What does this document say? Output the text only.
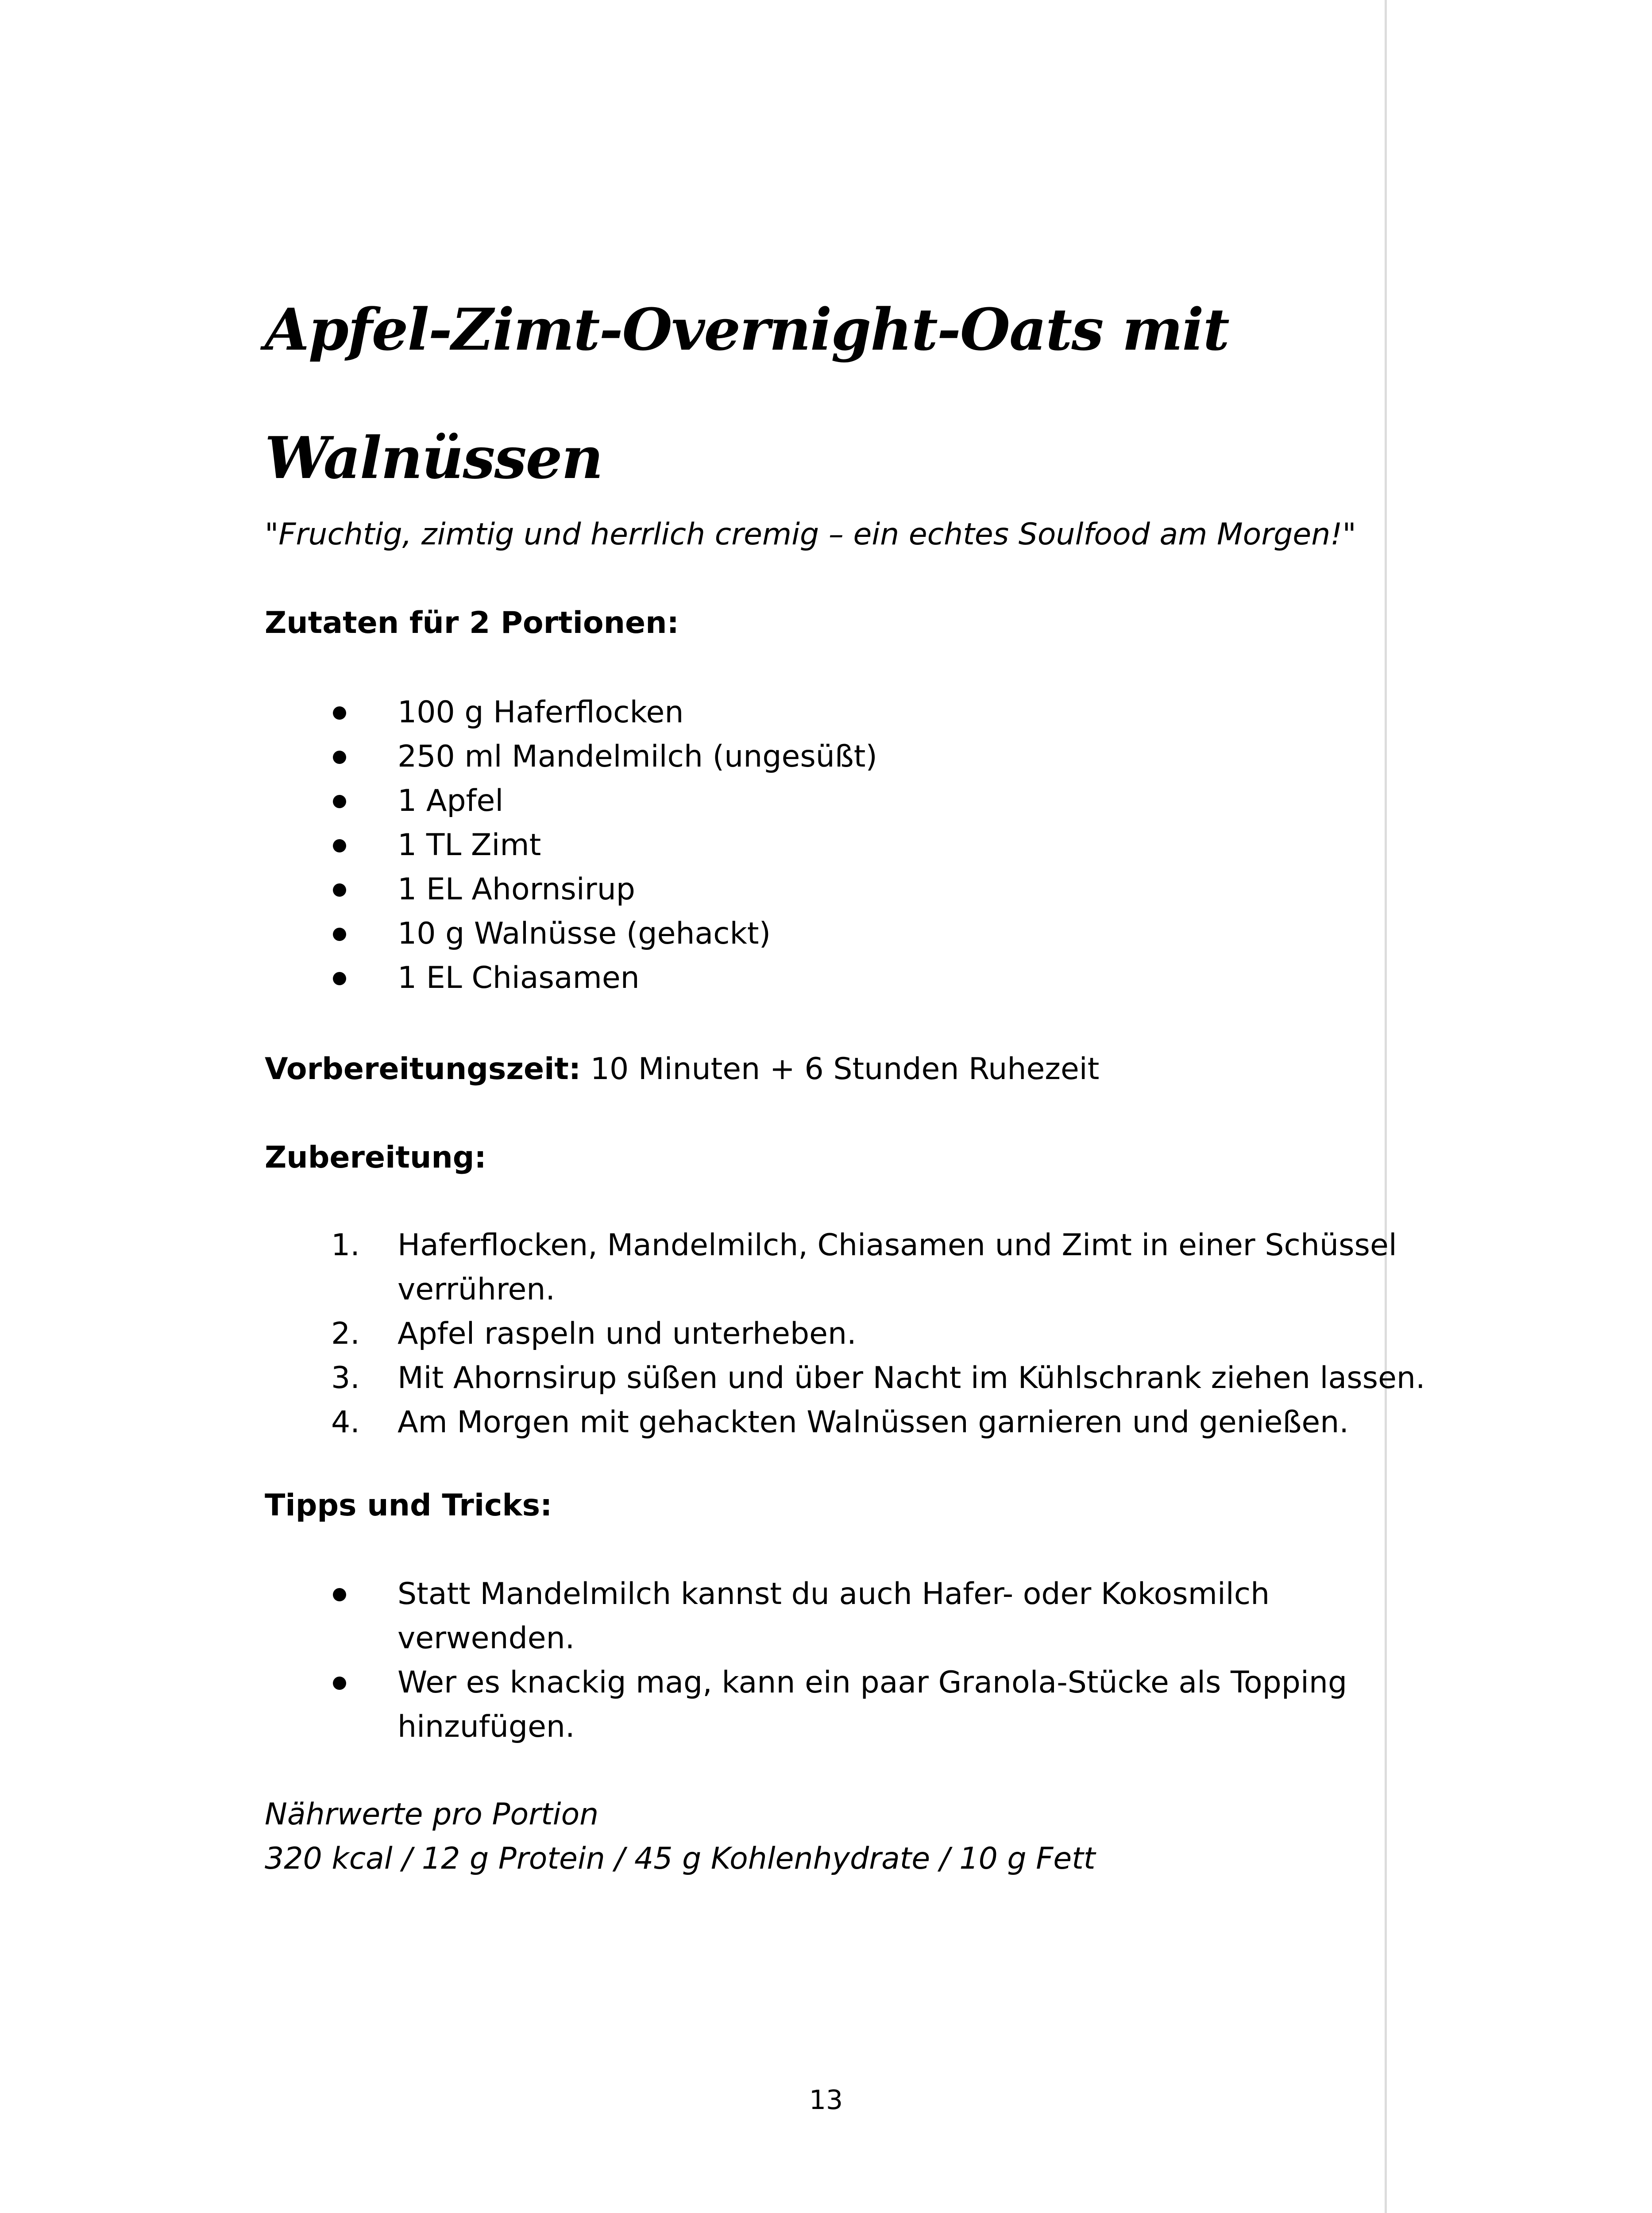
Apfel-Zimt-Overnight-Oats mit Walnüssen
"Fruchtig, zimtig und herrlich cremig – ein echtes Soulfood am Morgen!"
Zutaten für 2 Portionen:
100 g Haferflocken
250 ml Mandelmilch (ungesüßt)
1 Apfel
1 TL Zimt
1 EL Ahornsirup
10 g Walnüsse (gehackt)
1 EL Chiasamen
Vorbereitungszeit: 10 Minuten + 6 Stunden Ruhezeit
Zubereitung:
1. Haferflocken, Mandelmilch, Chiasamen und Zimt in einer Schüssel
verrühren.
2. Apfel raspeln und unterheben.
3. Mit Ahornsirup süßen und über Nacht im Kühlschrank ziehen lassen.
4. Am Morgen mit gehackten Walnüssen garnieren und genießen.
Tipps und Tricks:
Statt Mandelmilch kannst du auch Hafer- oder Kokosmilch
verwenden.
Wer es knackig mag, kann ein paar Granola-Stücke als Topping
hinzufügen.
Nährwerte pro Portion
320 kcal / 12 g Protein / 45 g Kohlenhydrate / 10 g Fett
13
